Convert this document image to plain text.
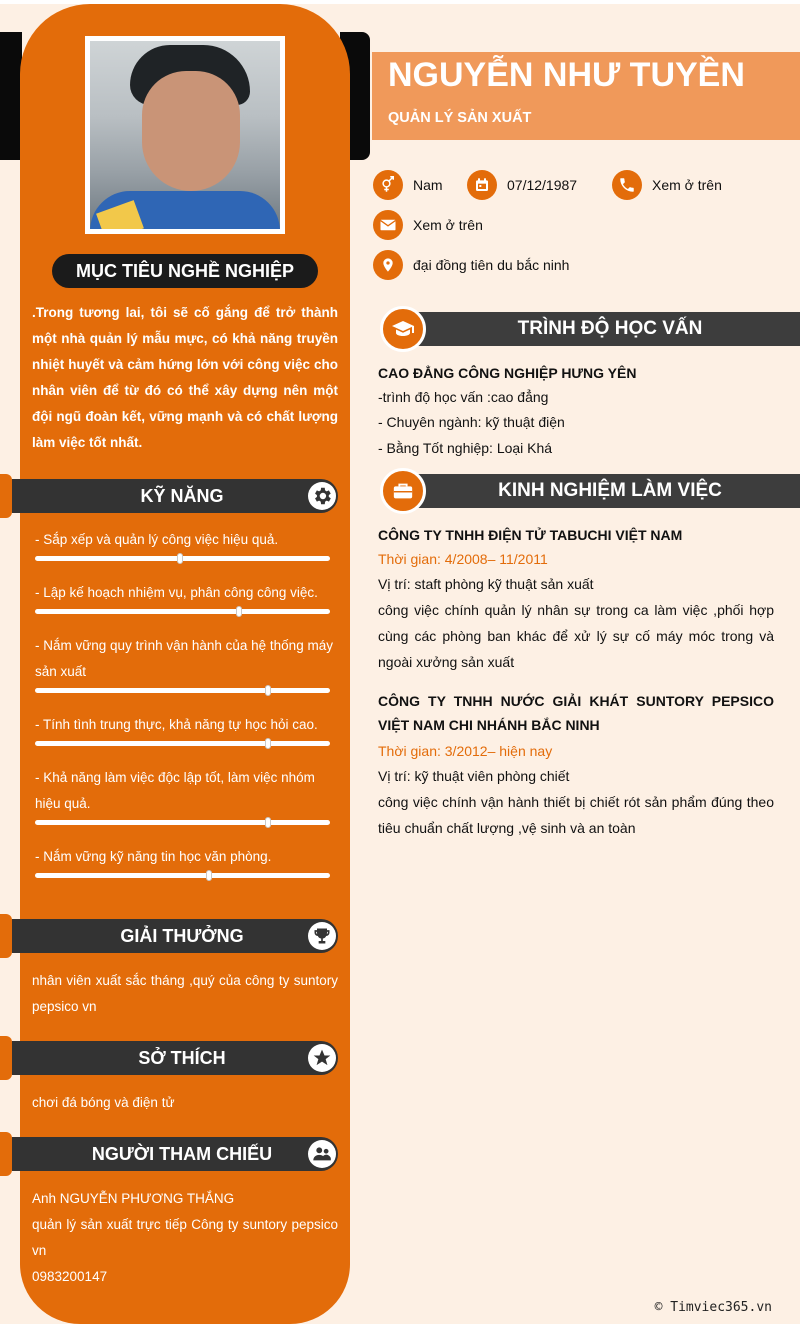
MỤC TIÊU NGHỀ NGHIỆP
.Trong tương lai, tôi sẽ cố gắng để trở thành một nhà quản lý mẫu mực, có khả năng truyền nhiệt huyết và cảm hứng lớn với công việc cho nhân viên để từ đó có thể xây dựng nên một đội ngũ đoàn kết, vững mạnh và có chất lượng làm việc tốt nhất.
KỸ NĂNG
- Sắp xếp và quản lý công việc hiệu quả.
- Lập kế hoạch nhiệm vụ, phân công công việc.
- Nắm vững quy trình vận hành của hệ thống máy sản xuất
- Tính tình trung thực, khả năng tự học hỏi cao.
- Khả năng làm việc độc lập tốt, làm việc nhóm hiệu quả.
- Nắm vững kỹ năng tin học văn phòng.
GIẢI THƯỞNG
nhân viên xuất sắc tháng ,quý của công ty suntory pepsico vn
SỞ THÍCH
chơi đá bóng và điện tử
NGƯỜI THAM CHIẾU
Anh NGUYỄN PHƯƠNG THẮNG
quản lý sản xuất trực tiếp Công ty suntory pepsico vn
0983200147
NGUYỄN NHƯ TUYỀN
QUẢN LÝ SẢN XUẤT
Nam	07/12/1987	Xem ở trên
Xem ở trên
đại đồng tiên du bắc ninh
TRÌNH ĐỘ HỌC VẤN
CAO ĐẲNG CÔNG NGHIỆP HƯNG YÊN
-trình độ học vấn :cao đẳng
- Chuyên ngành: kỹ thuật điện
- Bằng Tốt nghiệp: Loại Khá
KINH NGHIỆM LÀM VIỆC
CÔNG TY TNHH ĐIỆN TỬ TABUCHI VIỆT NAM
Thời gian: 4/2008– 11/2011
Vị trí: staft phòng kỹ thuật sản xuất
công việc chính quản lý nhân sự trong ca làm việc ,phối hợp cùng các phòng ban khác để xử lý sự cố máy móc trong và ngoài xưởng sản xuất
CÔNG TY TNHH NƯỚC GIẢI KHÁT SUNTORY PEPSICO VIỆT NAM CHI NHÁNH BẮC NINH
Thời gian: 3/2012– hiện nay
Vị trí: kỹ thuật viên phòng chiết
công việc chính vận hành thiết bị chiết rót sản phẩm đúng theo tiêu chuẩn chất lượng ,vệ sinh và an toàn
© Timviec365.vn
